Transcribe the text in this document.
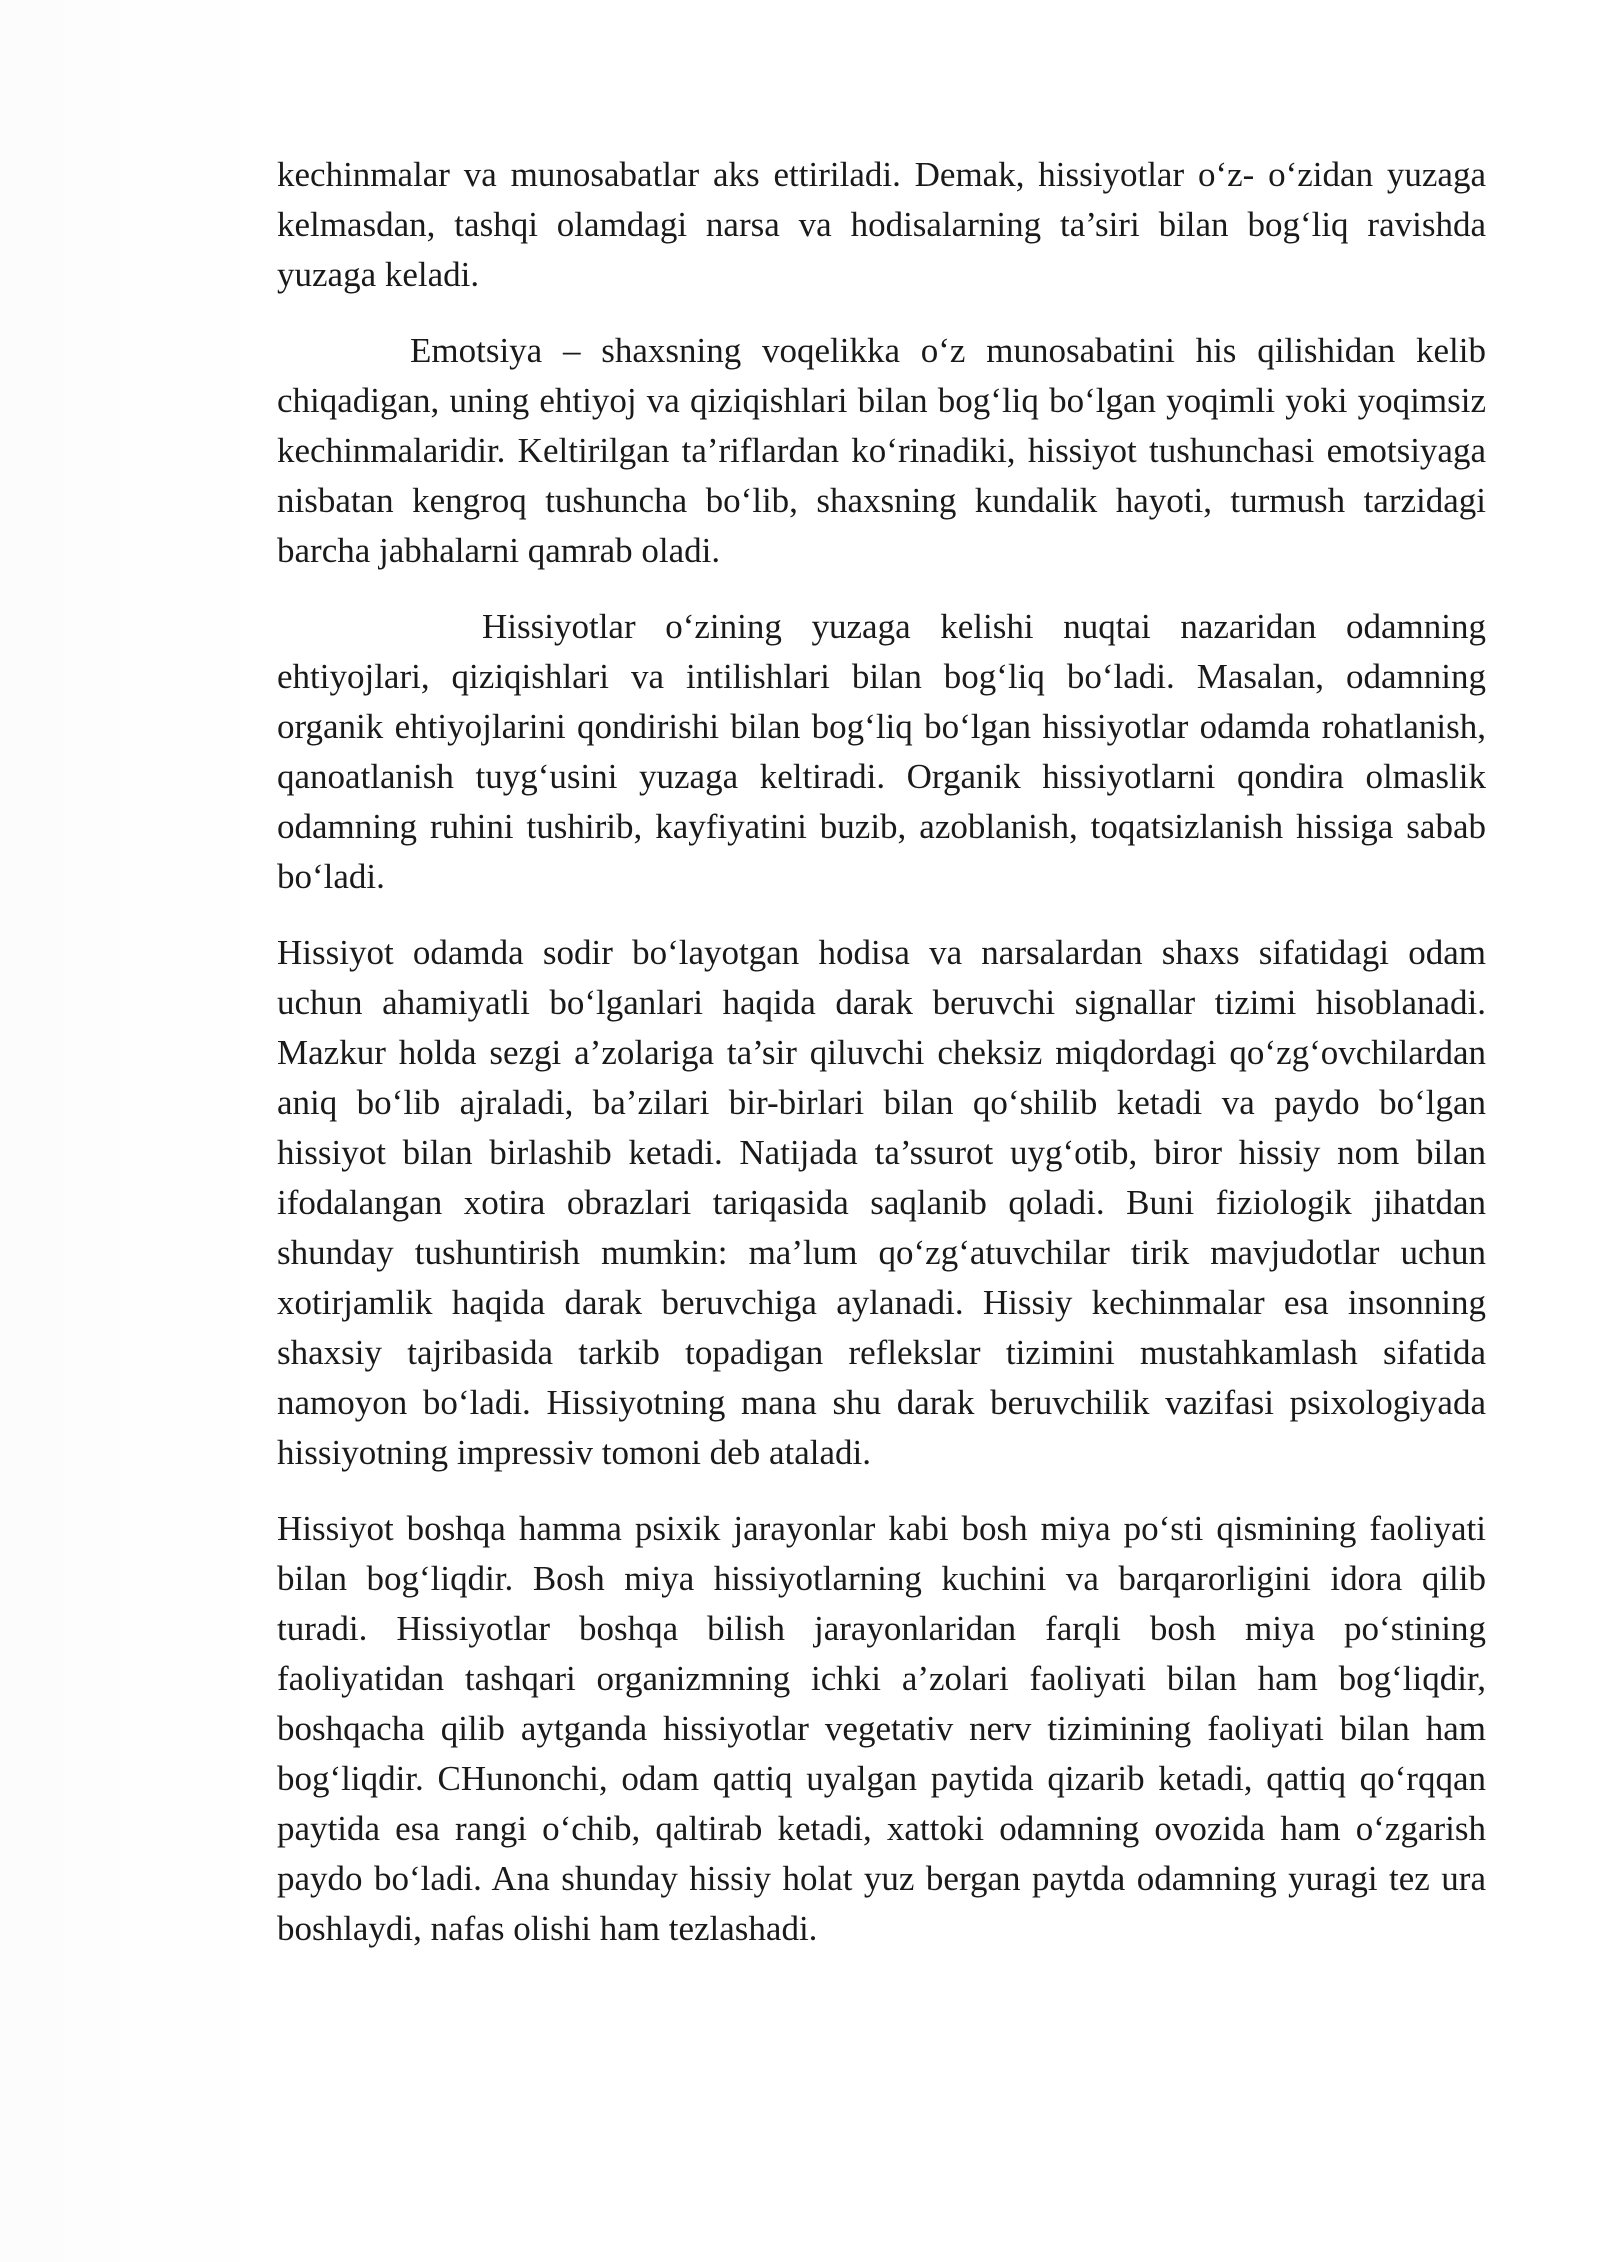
kechinmalar va munosabatlar aks ettiriladi. Demak, hissiyotlar o‘z- o‘zidan yuzaga kelmasdan, tashqi olamdagi narsa va hodisalarning ta’siri bilan bog‘liq ravishda yuzaga keladi.

Emotsiya – shaxsning voqelikka o‘z munosabatini his qilishidan kelib chiqadigan, uning ehtiyoj va qiziqishlari bilan bog‘liq bo‘lgan yoqimli yoki yoqimsiz kechinmalaridir. Keltirilgan ta’riflardan ko‘rinadiki, hissiyot tushunchasi emotsiyaga nisbatan kengroq tushuncha bo‘lib, shaxsning kundalik hayoti, turmush tarzidagi barcha jabhalarni qamrab oladi.

Hissiyotlar o‘zining yuzaga kelishi nuqtai nazaridan odamning ehtiyojlari, qiziqishlari va intilishlari bilan bog‘liq bo‘ladi. Masalan, odamning organik ehtiyojlarini qondirishi bilan bog‘liq bo‘lgan hissiyotlar odamda rohatlanish, qanoatlanish tuyg‘usini yuzaga keltiradi. Organik hissiyotlarni qondira olmaslik odamning ruhini tushirib, kayfiyatini buzib, azoblanish, toqatsizlanish hissiga sabab bo‘ladi.

Hissiyot odamda sodir bo‘layotgan hodisa va narsalardan shaxs sifatidagi odam uchun ahamiyatli bo‘lganlari haqida darak beruvchi signallar tizimi hisoblanadi. Mazkur holda sezgi a’zolariga ta’sir qiluvchi cheksiz miqdordagi qo‘zg‘ovchilardan aniq bo‘lib ajraladi, ba’zilari bir-birlari bilan qo‘shilib ketadi va paydo bo‘lgan hissiyot bilan birlashib ketadi. Natijada ta’ssurot uyg‘otib, biror hissiy nom bilan ifodalangan xotira obrazlari tariqasida saqlanib qoladi. Buni fiziologik jihatdan shunday tushuntirish mumkin: ma’lum qo‘zg‘atuvchilar tirik mavjudotlar uchun xotirjamlik haqida darak beruvchiga aylanadi. Hissiy kechinmalar esa insonning shaxsiy tajribasida tarkib topadigan reflekslar tizimini mustahkamlash sifatida namoyon bo‘ladi. Hissiyotning mana shu darak beruvchilik vazifasi psixologiyada hissiyotning impressiv tomoni deb ataladi.

Hissiyot boshqa hamma psixik jarayonlar kabi bosh miya po‘sti qismining faoliyati bilan bog‘liqdir. Bosh miya hissiyotlarning kuchini va barqarorligini idora qilib turadi. Hissiyotlar boshqa bilish jarayonlaridan farqli bosh miya po‘stining faoliyatidan tashqari organizmning ichki a’zolari faoliyati bilan ham bog‘liqdir, boshqacha qilib aytganda hissiyotlar vegetativ nerv tizimining faoliyati bilan ham bog‘liqdir. CHunonchi, odam qattiq uyalgan paytida qizarib ketadi, qattiq qo‘rqqan paytida esa rangi o‘chib, qaltirab ketadi, xattoki odamning ovozida ham o‘zgarish paydo bo‘ladi. Ana shunday hissiy holat yuz bergan paytda odamning yuragi tez ura boshlaydi, nafas olishi ham tezlashadi.
